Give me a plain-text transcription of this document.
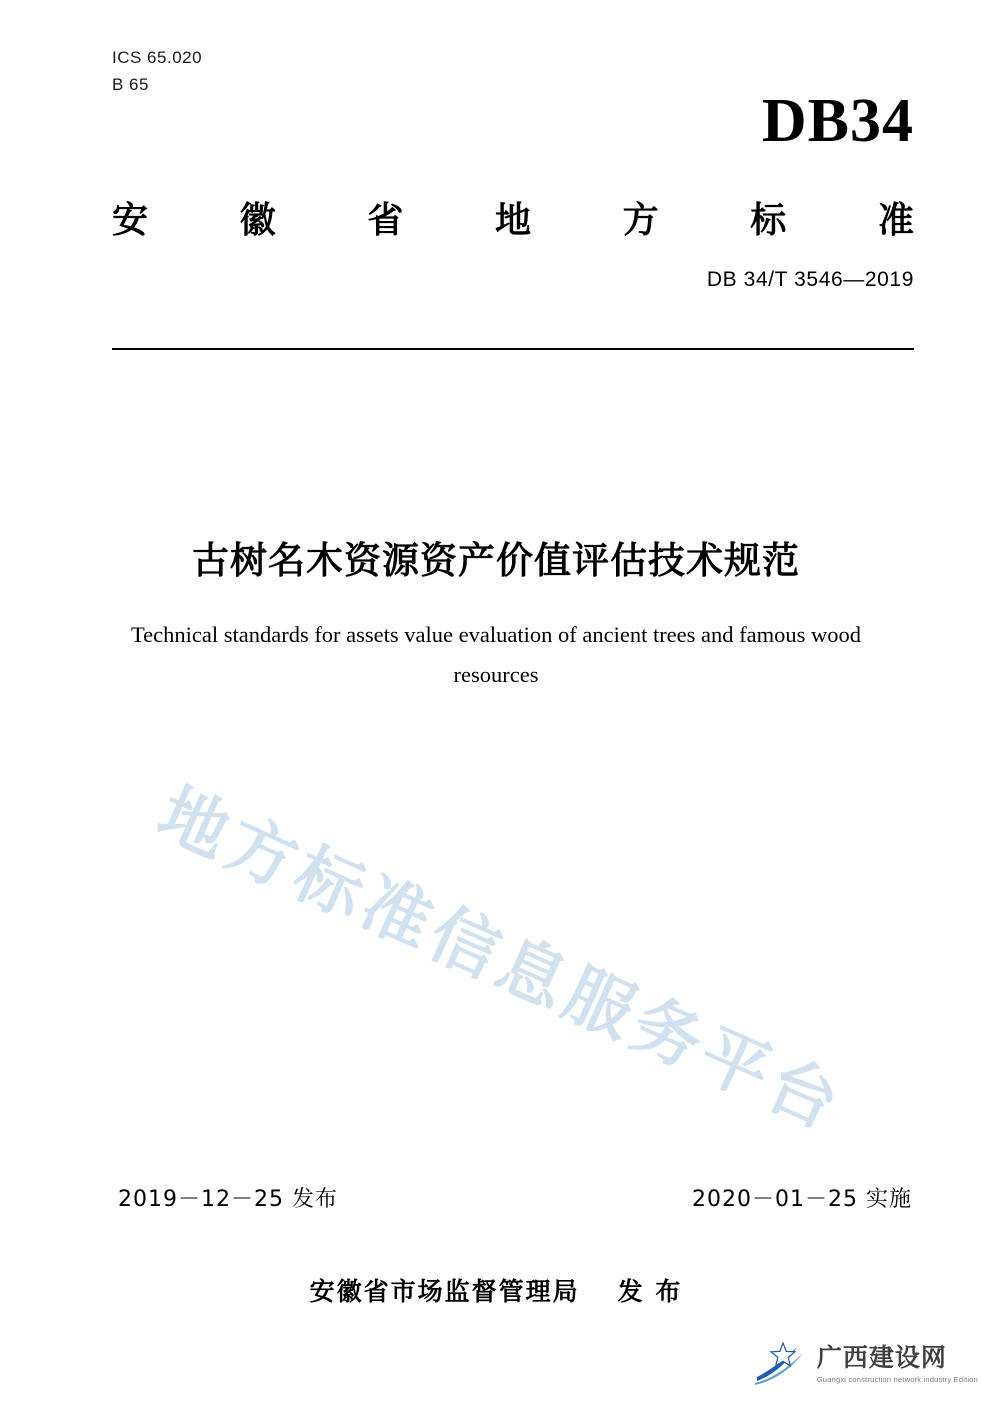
ICS 65.020
B 65
DB34
安	徽	省	地	方	标	准
DB 34/T 3546—2019
古树名木资源资产价值评估技术规范
Technical standards for assets value evaluation of ancient trees and famous wood resources
地方标准信息服务平台
2019－12－25 发布	2020－01－25 实施
安徽省市场监督管理局 发 布
广西建设网
Guangxi construction network industry Edition
